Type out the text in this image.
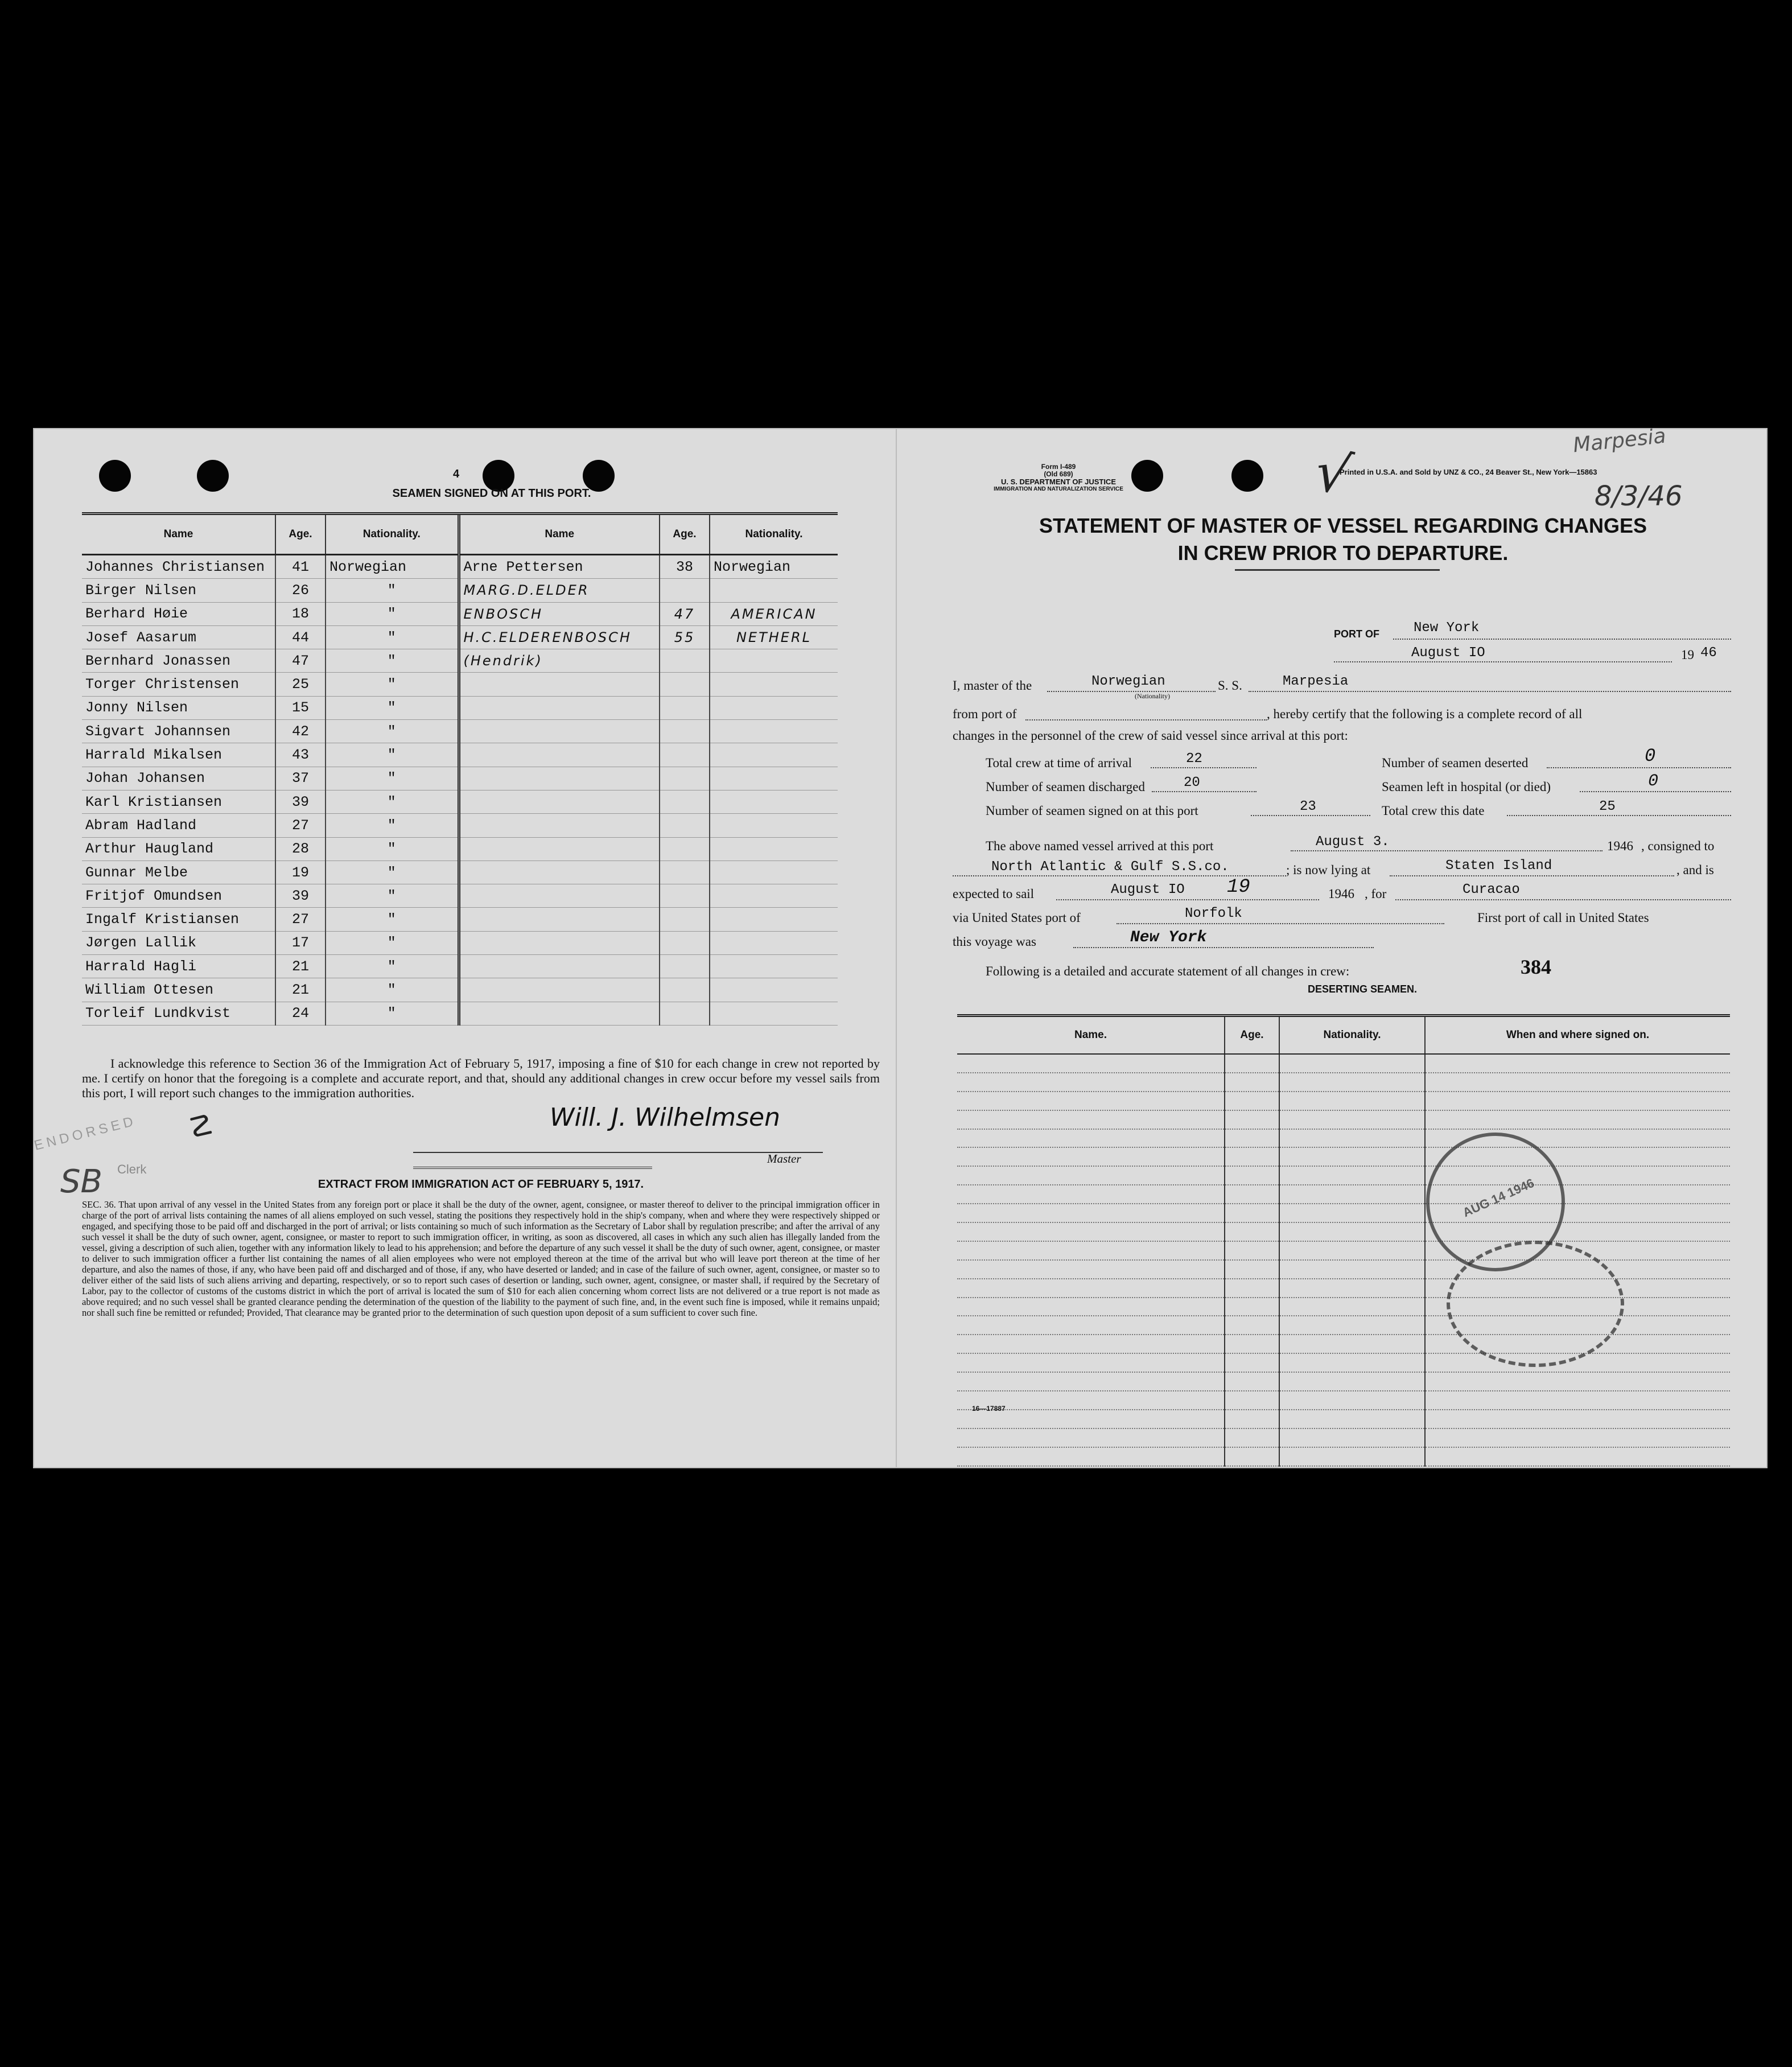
4
SEAMEN SIGNED ON AT THIS PORT.
Name	Age.	Nationality.	Name	Age.	Nationality.
Johannes Christiansen	41	Norwegian	Arne Pettersen	38	Norwegian
Birger Nilsen	26	"	MARG.D.ELDER		
Berhard Høie	18	"	ENBOSCH	47	AMERICAN
Josef Aasarum	44	"	H.C.ELDERENBOSCH	55	NETHERL
Bernhard Jonassen	47	"	(Hendrik)		
Torger Christensen	25	"			
Jonny Nilsen	15	"			
Sigvart Johannsen	42	"			
Harrald Mikalsen	43	"			
Johan Johansen	37	"			
Karl Kristiansen	39	"			
Abram Hadland	27	"			
Arthur Haugland	28	"			
Gunnar Melbe	19	"			
Fritjof Omundsen	39	"			
Ingalf Kristiansen	27	"			
Jørgen Lallik	17	"			
Harrald Hagli	21	"			
William Ottesen	21	"			
Torleif Lundkvist	24	"			
I acknowledge this reference to Section 36 of the Immigration Act of February 5, 1917, imposing a fine of $10 for each change in crew not reported by me. I certify on honor that the foregoing is a complete and accurate report, and that, should any additional changes in crew occur before my vessel sails from this port, I will report such changes to the immigration authorities.
Will. J. Wilhelmsen
Master
ENDORSED ☡
SB Clerk
EXTRACT FROM IMMIGRATION ACT OF FEBRUARY 5, 1917.
SEC. 36. That upon arrival of any vessel in the United States from any foreign port or place it shall be the duty of the owner, agent, consignee, or master thereof to deliver to the principal immigration officer in charge of the port of arrival lists containing the names of all aliens employed on such vessel, stating the positions they respectively hold in the ship's company, when and where they were respectively shipped or engaged, and specifying those to be paid off and discharged in the port of arrival; or lists containing so much of such information as the Secretary of Labor shall by regulation prescribe; and after the arrival of any such vessel it shall be the duty of such owner, agent, consignee, or master to report to such immigration officer, in writing, as soon as discovered, all cases in which any such alien has illegally landed from the vessel, giving a description of such alien, together with any information likely to lead to his apprehension; and before the departure of any such vessel it shall be the duty of such owner, agent, consignee, or master to deliver to such immigration officer a further list containing the names of all alien employees who were not employed thereon at the time of the arrival but who will leave port thereon at the time of her departure, and also the names of those, if any, who have been paid off and discharged and of those, if any, who have deserted or landed; and in case of the failure of such owner, agent, consignee, or master so to deliver either of the said lists of such aliens arriving and departing, respectively, or so to report such cases of desertion or landing, such owner, agent, consignee, or master shall, if required by the Secretary of Labor, pay to the collector of customs of the customs district in which the port of arrival is located the sum of $10 for each alien concerning whom correct lists are not delivered or a true report is not made as above required; and no such vessel shall be granted clearance pending the determination of the question of the liability to the payment of such fine, and, in the event such fine is imposed, while it remains unpaid; nor shall such fine be remitted or refunded; Provided, That clearance may be granted prior to the determination of such question upon deposit of a sum sufficient to cover such fine.
Form I-489
(Old 689)
U. S. DEPARTMENT OF JUSTICE
IMMIGRATION AND NATURALIZATION SERVICE	√
Printed in U.S.A. and Sold by UNZ & CO., 24 Beaver St., New York—15863
Marpesia
8/3/46
STATEMENT OF MASTER OF VESSEL REGARDING CHANGES
IN CREW PRIOR TO DEPARTURE.
PORT OF	New York
August IO	19 46
I, master of the	Norwegian
(Nationality)
S. S.	Marpesia
from port of	, hereby certify that the following is a complete record of all
changes in the personnel of the crew of said vessel since arrival at this port:
Total crew at time of arrival	22	Number of seamen deserted	0
Number of seamen discharged	20	Seamen left in hospital (or died)	0
Number of seamen signed on at this port	23	Total crew this date	25
The above named vessel arrived at this port	August 3.	1946 , consigned to
North Atlantic & Gulf S.S.co.	; is now lying at	Staten Island	, and is
expected to sail	August IO 19	1946 , for	Curacao
via United States port of	Norfolk	First port of call in United States
this voyage was	New York
Following is a detailed and accurate statement of all changes in crew:	384
DESERTING SEAMEN.
Name.	Age.	Nationality.	When and where signed on.

AUG 14 1946
16—17887
